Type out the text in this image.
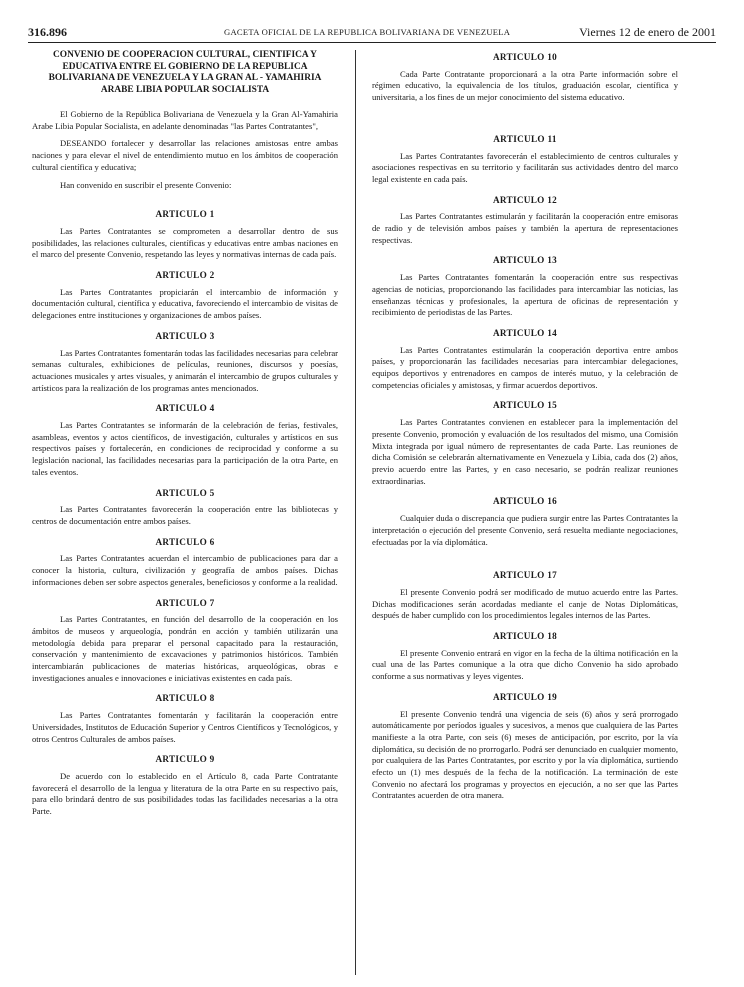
316.896	GACETA OFICIAL DE LA REPUBLICA BOLIVARIANA DE VENEZUELA	Viernes 12 de enero de 2001
CONVENIO DE COOPERACION CULTURAL, CIENTIFICA Y EDUCATIVA ENTRE EL GOBIERNO DE LA REPUBLICA BOLIVARIANA DE VENEZUELA Y LA GRAN AL - YAMAHIRIA ARABE LIBIA POPULAR SOCIALISTA

El Gobierno de la República Bolivariana de Venezuela y la Gran Al-Yamahiria Arabe Libia Popular Socialista, en adelante denominadas "las Partes Contratantes",

DESEANDO fortalecer y desarrollar las relaciones amistosas entre ambas naciones y para elevar el nivel de entendimiento mutuo en los ámbitos de cooperación cultural científica y educativa;

Han convenido en suscribir el presente Convenio:

ARTICULO 1

Las Partes Contratantes se comprometen a desarrollar dentro de sus posibilidades, las relaciones culturales, científicas y educativas entre ambas naciones en el marco del presente Convenio, respetando las leyes y normativas internas de cada país.

ARTICULO 2

Las Partes Contratantes propiciarán el intercambio de información y documentación cultural, científica y educativa, favoreciendo el intercambio de visitas de delegaciones entre instituciones y organizaciones de ambos países.

ARTICULO 3

Las Partes Contratantes fomentarán todas las facilidades necesarias para celebrar semanas culturales, exhibiciones de películas, reuniones, discursos y poesías, actuaciones musicales y artes visuales, y animarán el intercambio de grupos culturales y artísticos para la realización de los programas antes mencionados.

ARTICULO 4

Las Partes Contratantes se informarán de la celebración de ferias, festivales, asambleas, eventos y actos científicos, de investigación, culturales y artísticos en sus respectivos países y fortalecerán, en condiciones de reciprocidad y conforme a su legislación nacional, las facilidades necesarias para la participación de la otra Parte, en tales eventos.

ARTICULO 5

Las Partes Contratantes favorecerán la cooperación entre las bibliotecas y centros de documentación entre ambos países.

ARTICULO 6

Las Partes Contratantes acuerdan el intercambio de publicaciones para dar a conocer la historia, cultura, civilización y geografía de ambos países. Dichas informaciones deben ser sobre aspectos generales, beneficiosos y conforme a la realidad.

ARTICULO 7

Las Partes Contratantes, en función del desarrollo de la cooperación en los ámbitos de museos y arqueología, pondrán en acción y también utilizarán una metodología debida para preparar el personal capacitado para la restauración, conservación y mantenimiento de excavaciones y patrimonios históricos. También intercambiarán publicaciones de materias históricas, arqueológicas, obras e investigaciones anuales e innovaciones e iniciativas existentes en cada país.

ARTICULO 8

Las Partes Contratantes fomentarán y facilitarán la cooperación entre Universidades, Institutos de Educación Superior y Centros Científicos y Tecnológicos, y otros Centros Culturales de ambos países.

ARTICULO 9

De acuerdo con lo establecido en el Artículo 8, cada Parte Contratante favorecerá el desarrollo de la lengua y literatura de la otra Parte en su respectivo país, para ello brindará dentro de sus posibilidades todas las facilidades necesarias a la otra Parte.

ARTICULO 10

Cada Parte Contratante proporcionará a la otra Parte información sobre el régimen educativo, la equivalencia de los títulos, graduación escolar, científica y universitaria, a los fines de un mejor conocimiento del sistema educativo.

ARTICULO 11

Las Partes Contratantes favorecerán el establecimiento de centros culturales y asociaciones respectivas en su territorio y facilitarán sus actividades dentro del marco legal existente en cada país.

ARTICULO 12

Las Partes Contratantes estimularán y facilitarán la cooperación entre emisoras de radio y de televisión ambos países y también la apertura de representaciones respectivas.

ARTICULO 13

Las Partes Contratantes fomentarán la cooperación entre sus respectivas agencias de noticias, proporcionando las facilidades para intercambiar las noticias, las enseñanzas técnicas y profesionales, la apertura de oficinas de representación y recibimiento de periodistas de las Partes.

ARTICULO 14

Las Partes Contratantes estimularán la cooperación deportiva entre ambos países, y proporcionarán las facilidades necesarias para intercambiar delegaciones, equipos deportivos y entrenadores en campos de interés mutuo, y la celebración de competencias oficiales y amistosas, y firmar acuerdos deportivos.

ARTICULO 15

Las Partes Contratantes convienen en establecer para la implementación del presente Convenio, promoción y evaluación de los resultados del mismo, una Comisión Mixta integrada por igual número de representantes de cada Parte. Las reuniones de dicha Comisión se celebrarán alternativamente en Venezuela y Libia, cada dos (2) años, previo acuerdo entre las Partes, y en caso necesario, se podrán realizar reuniones extraordinarias.

ARTICULO 16

Cualquier duda o discrepancia que pudiera surgir entre las Partes Contratantes la interpretación o ejecución del presente Convenio, será resuelta mediante negociaciones, efectuadas por la vía diplomática.

ARTICULO 17

El presente Convenio podrá ser modificado de mutuo acuerdo entre las Partes. Dichas modificaciones serán acordadas mediante el canje de Notas Diplomáticas, después de haber cumplido con los procedimientos legales internos de las Partes.

ARTICULO 18

El presente Convenio entrará en vigor en la fecha de la última notificación en la cual una de las Partes comunique a la otra que dicho Convenio ha sido aprobado conforme a sus normativas y leyes vigentes.

ARTICULO 19

El presente Convenio tendrá una vigencia de seis (6) años y será prorrogado automáticamente por períodos iguales y sucesivos, a menos que cualquiera de las Partes manifieste a la otra Parte, con seis (6) meses de anticipación, por escrito, por la vía diplomática, su decisión de no prorrogarlo. Podrá ser denunciado en cualquier momento, por cualquiera de las Partes Contratantes, por escrito y por la vía diplomática, surtiendo efecto un (1) mes después de la fecha de la notificación. La terminación de este Convenio no afectará los programas y proyectos en ejecución, a no ser que las Partes Contratantes acuerden de otra manera.
